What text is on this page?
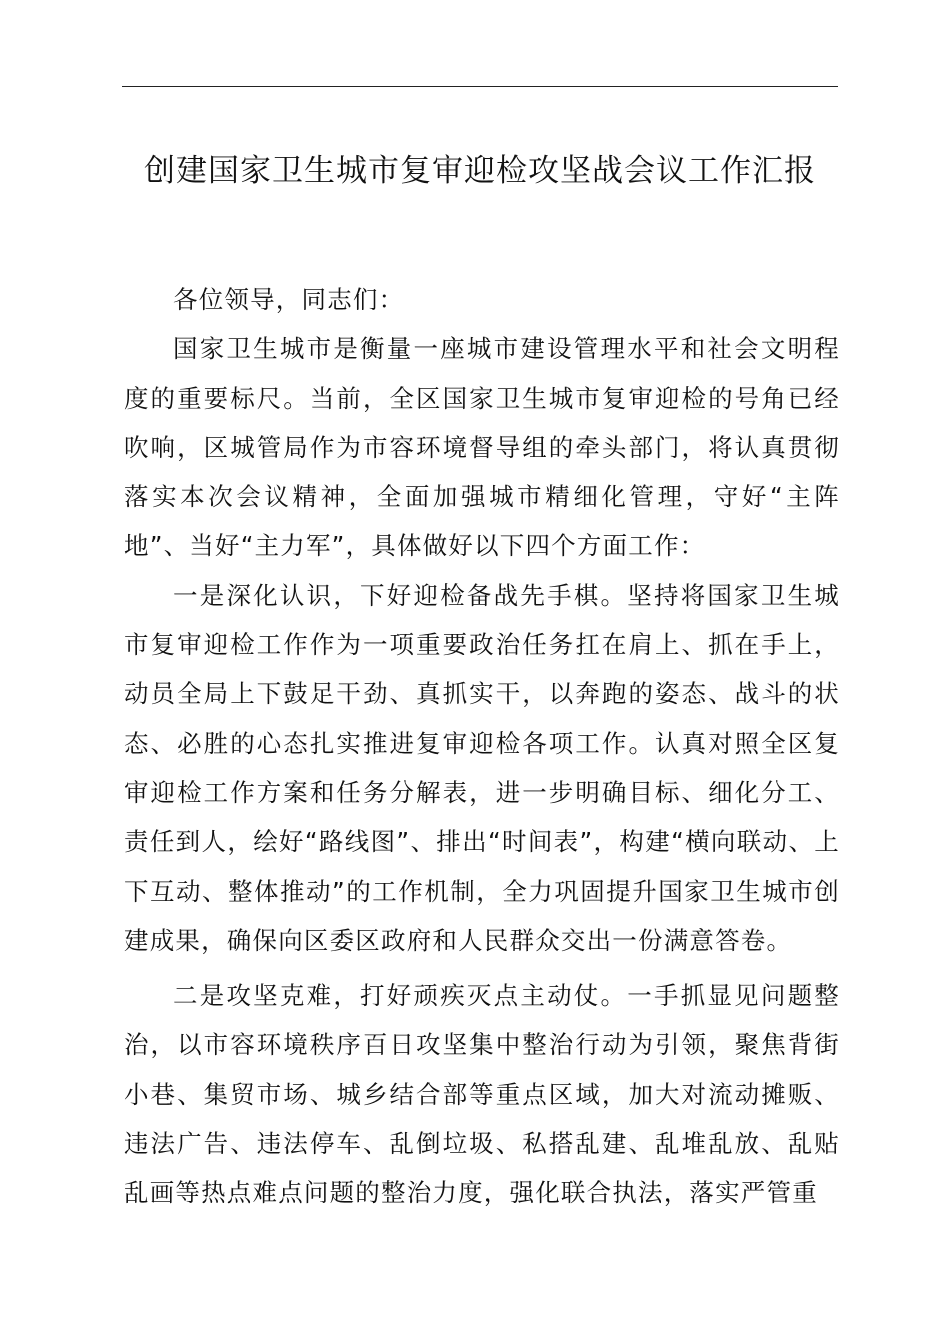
创建国家卫生城市复审迎检攻坚战会议工作汇报

各位领导，同志们：

国家卫生城市是衡量一座城市建设管理水平和社会文明程度的重要标尺。当前，全区国家卫生城市复审迎检的号角已经吹响，区城管局作为市容环境督导组的牵头部门，将认真贯彻落实本次会议精神，全面加强城市精细化管理，守好“主阵地”、当好“主力军”，具体做好以下四个方面工作：

一是深化认识，下好迎检备战先手棋。坚持将国家卫生城市复审迎检工作作为一项重要政治任务扛在肩上、抓在手上，动员全局上下鼓足干劲、真抓实干，以奔跑的姿态、战斗的状态、必胜的心态扎实推进复审迎检各项工作。认真对照全区复审迎检工作方案和任务分解表，进一步明确目标、细化分工、责任到人，绘好“路线图”、排出“时间表”，构建“横向联动、上下互动、整体推动”的工作机制，全力巩固提升国家卫生城市创建成果，确保向区委区政府和人民群众交出一份满意答卷。

二是攻坚克难，打好顽疾灭点主动仗。一手抓显见问题整治，以市容环境秩序百日攻坚集中整治行动为引领，聚焦背街小巷、集贸市场、城乡结合部等重点区域，加大对流动摊贩、违法广告、违法停车、乱倒垃圾、私搭乱建、乱堆乱放、乱贴乱画等热点难点问题的整治力度，强化联合执法，落实严管重
